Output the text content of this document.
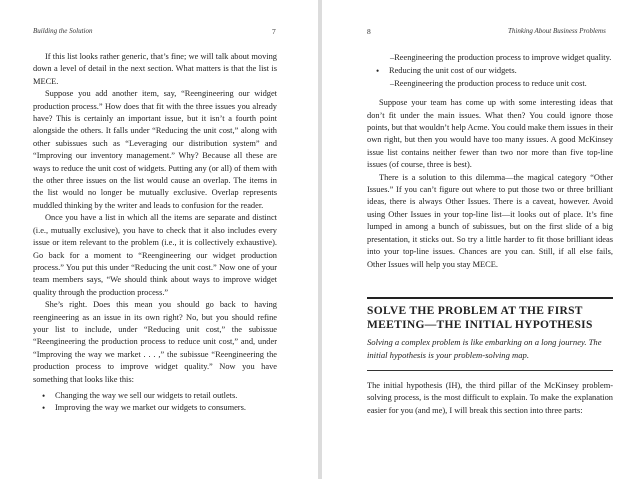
Building the Solution	7

If this list looks rather generic, that’s fine; we will talk about moving down a level of detail in the next section. What matters is that the list is MECE.

Suppose you add another item, say, “Reengineering our widget production process.” How does that fit with the three issues you already have? This is certainly an important issue, but it isn’t a fourth point alongside the others. It falls under “Reducing the unit cost,” along with other subissues such as “Leveraging our distribution system” and “Improving our inventory management.” Why? Because all these are ways to reduce the unit cost of widgets. Putting any (or all) of them with the other three issues on the list would cause an overlap. The items in the list would no longer be mutually exclusive. Overlap represents muddled thinking by the writer and leads to confusion for the reader.

Once you have a list in which all the items are separate and distinct (i.e., mutually exclusive), you have to check that it also includes every issue or item relevant to the problem (i.e., it is collectively exhaustive). Go back for a moment to “Reengineering our widget production process.” You put this under “Reducing the unit cost.” Now one of your team members says, “We should think about ways to improve widget quality through the production process.”

She’s right. Does this mean you should go back to having reengineering as an issue in its own right? No, but you should refine your list to include, under “Reducing unit cost,” the subissue “Reengineering the production process to reduce unit cost,” and, under “Improving the way we market . . . ,” the subissue “Reengineering the production process to improve widget quality.” Now you have something that looks like this:

• Changing the way we sell our widgets to retail outlets.
• Improving the way we market our widgets to consumers.
8	Thinking About Business Problems
–Reengineering the production process to improve widget quality.
• Reducing the unit cost of our widgets.
–Reengineering the production process to reduce unit cost.

Suppose your team has come up with some interesting ideas that don’t fit under the main issues. What then? You could ignore those points, but that wouldn’t help Acme. You could make them issues in their own right, but then you would have too many issues. A good McKinsey issue list contains neither fewer than two nor more than five top-line issues (of course, three is best).

There is a solution to this dilemma—the magical category “Other Issues.” If you can’t figure out where to put those two or three brilliant ideas, there is always Other Issues. There is a caveat, however. Avoid using Other Issues in your top-line list—it looks out of place. It’s fine lumped in among a bunch of subissues, but on the first slide of a big presentation, it sticks out. So try a little harder to fit those brilliant ideas into your top-line issues. Chances are you can. Still, if all else fails, Other Issues will help you stay MECE.

SOLVE THE PROBLEM AT THE FIRST
MEETING—THE INITIAL HYPOTHESIS
Solving a complex problem is like embarking on a long journey. The initial hypothesis is your problem-solving map.

The initial hypothesis (IH), the third pillar of the McKinsey problem-solving process, is the most difficult to explain. To make the explanation easier for you (and me), I will break this section into three parts:
